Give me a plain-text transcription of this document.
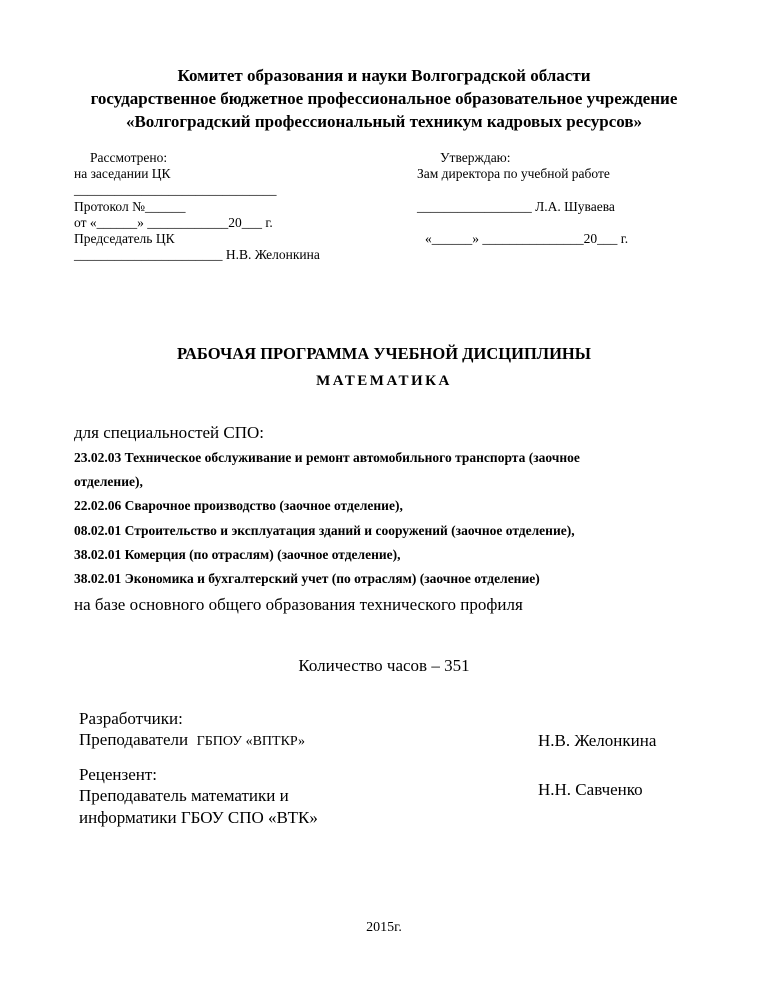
Комитет образования и науки Волгоградской области
государственное бюджетное профессиональное образовательное учреждение
«Волгоградский профессиональный техникум кадровых ресурсов»
Рассмотрено:
на заседании ЦК
______________________________
Протокол №______
от «______» ____________20___ г.
Председатель ЦК
______________________ Н.В. Желонкина
Утверждаю:
Зам директора по учебной работе
_________________ Л.А. Шуваева
«______» _______________20___ г.
РАБОЧАЯ ПРОГРАММА УЧЕБНОЙ ДИСЦИПЛИНЫ
МАТЕМАТИКА
для специальностей СПО:
23.02.03 Техническое обслуживание и ремонт автомобильного транспорта (заочное
отделение),
22.02.06 Сварочное производство (заочное отделение),
08.02.01 Строительство и эксплуатация зданий и сооружений (заочное отделение),
38.02.01 Комерция (по отраслям) (заочное отделение),
38.02.01 Экономика и бухгалтерский учет (по отраслям) (заочное отделение)
на базе основного общего образования технического профиля
Количество часов – 351
Разработчики:
Преподаватели ГБПОУ «ВПТКР»	Н.В. Желонкина
Рецензент:
Преподаватель математики и
информатики ГБОУ СПО «ВТК»
Н.Н. Савченко
2015г.
